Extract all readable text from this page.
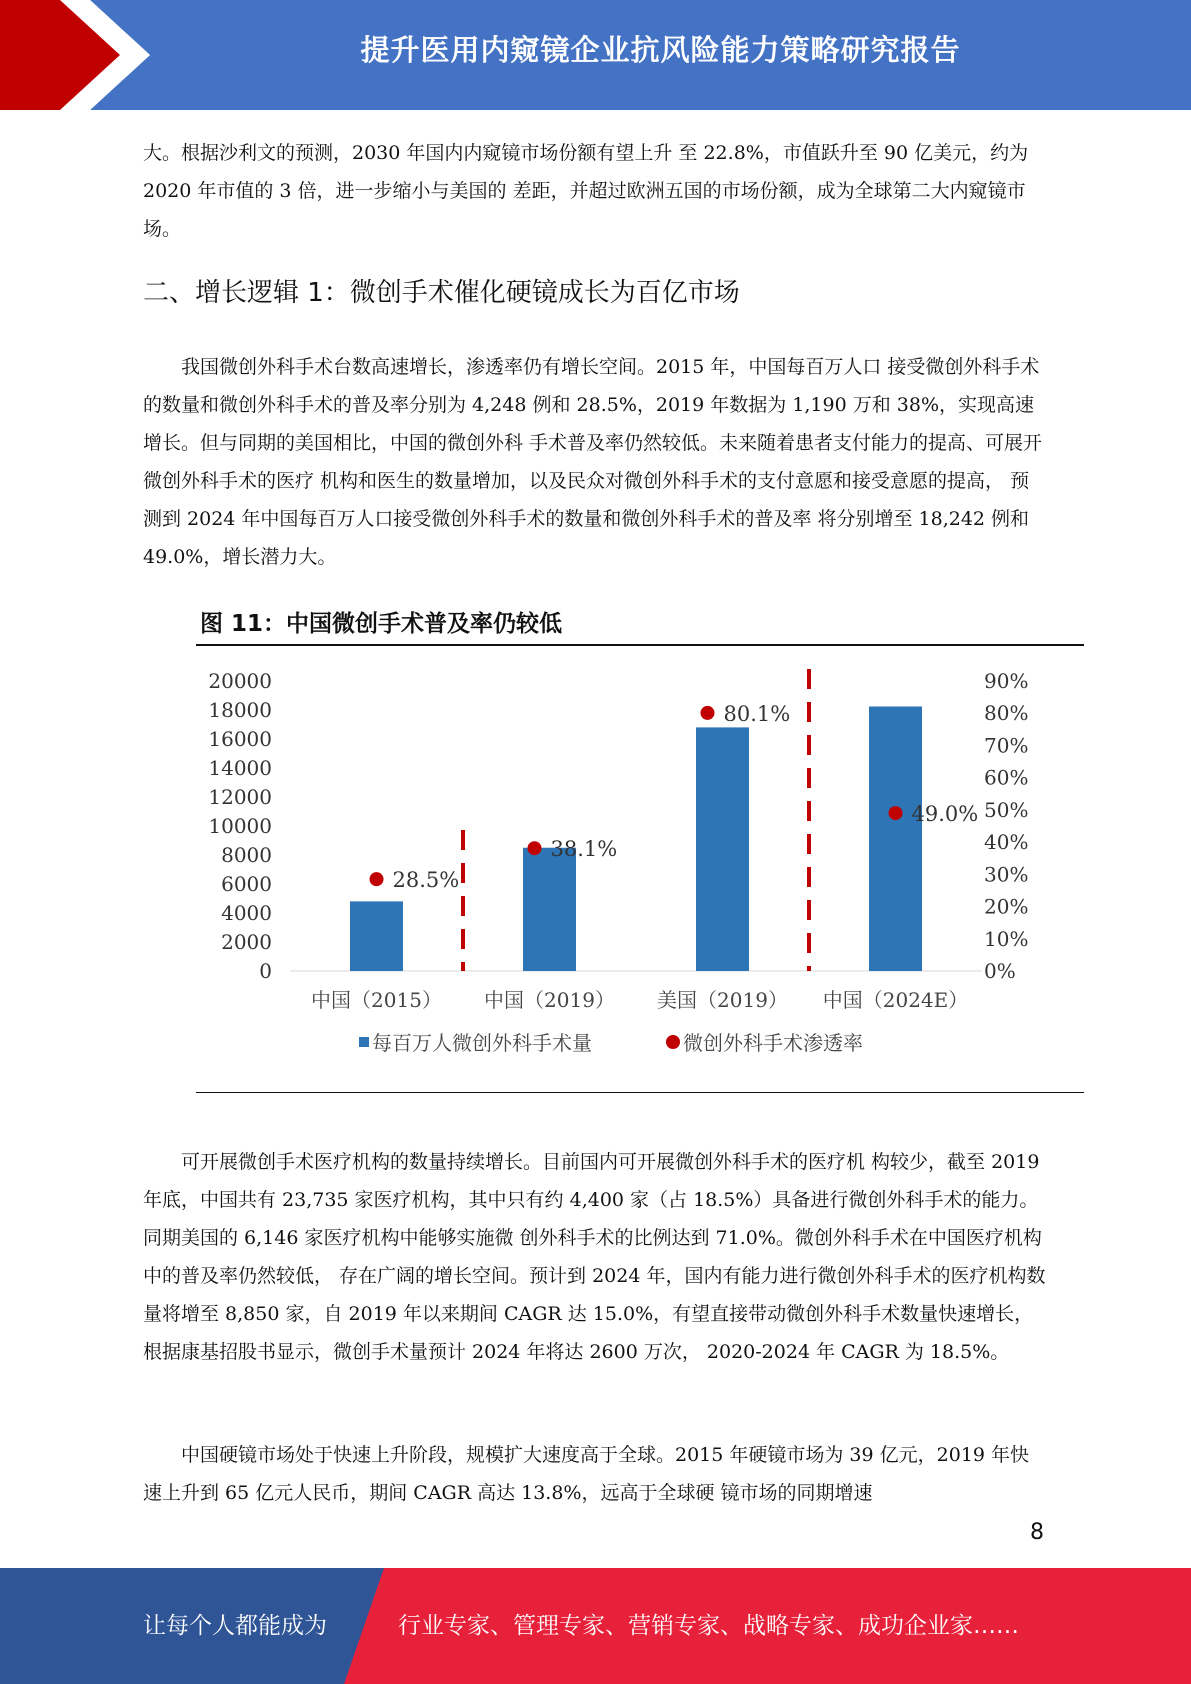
提升医用内窥镜企业抗风险能力策略研究报告

大。根据沙利文的预测，2030 年国内内窥镜市场份额有望上升 至 22.8%，市值跃升至 90 亿美元，约为 2020 年市值的 3 倍，进一步缩小与美国的 差距，并超过欧洲五国的市场份额，成为全球第二大内窥镜市场。

二、增长逻辑 1：微创手术催化硬镜成长为百亿市场

我国微创外科手术台数高速增长，渗透率仍有增长空间。2015 年，中国每百万人口 接受微创外科手术的数量和微创外科手术的普及率分别为 4,248 例和 28.5%，2019 年数据为 1,190 万和 38%，实现高速增长。但与同期的美国相比，中国的微创外科 手术普及率仍然较低。未来随着患者支付能力的提高、可展开微创外科手术的医疗 机构和医生的数量增加，以及民众对微创外科手术的支付意愿和接受意愿的提高， 预测到 2024 年中国每百万人口接受微创外科手术的数量和微创外科手术的普及率 将分别增至 18,242 例和 49.0%，增长潜力大。

图 11：中国微创手术普及率仍较低
20000
18000
16000
14000
12000
10000
8000
6000
4000
2000
0
90%
80%
70%
60%
50%
40%
30%
20%
10%
0%
中国（2015）
28.5%
中国（2019）
38.1%
美国（2019）
80.1%
中国（2024E）
49.0%
每百万人微创外科手术量	微创外科手术渗透率

可开展微创手术医疗机构的数量持续增长。目前国内可开展微创外科手术的医疗机 构较少，截至 2019 年底，中国共有 23,735 家医疗机构，其中只有约 4,400 家（占 18.5%）具备进行微创外科手术的能力。同期美国的 6,146 家医疗机构中能够实施微 创外科手术的比例达到 71.0%。微创外科手术在中国医疗机构中的普及率仍然较低， 存在广阔的增长空间。预计到 2024 年，国内有能力进行微创外科手术的医疗机构数 量将增至 8,850 家，自 2019 年以来期间 CAGR 达 15.0%，有望直接带动微创外科手术数量快速增长，根据康基招股书显示，微创手术量预计 2024 年将达 2600 万次， 2020-2024 年 CAGR 为 18.5%。

中国硬镜市场处于快速上升阶段，规模扩大速度高于全球。2015 年硬镜市场为 39 亿元，2019 年快速上升到 65 亿元人民币，期间 CAGR 高达 13.8%，远高于全球硬 镜市场的同期增速

8
让每个人都能成为	行业专家、管理专家、营销专家、战略专家、成功企业家……
